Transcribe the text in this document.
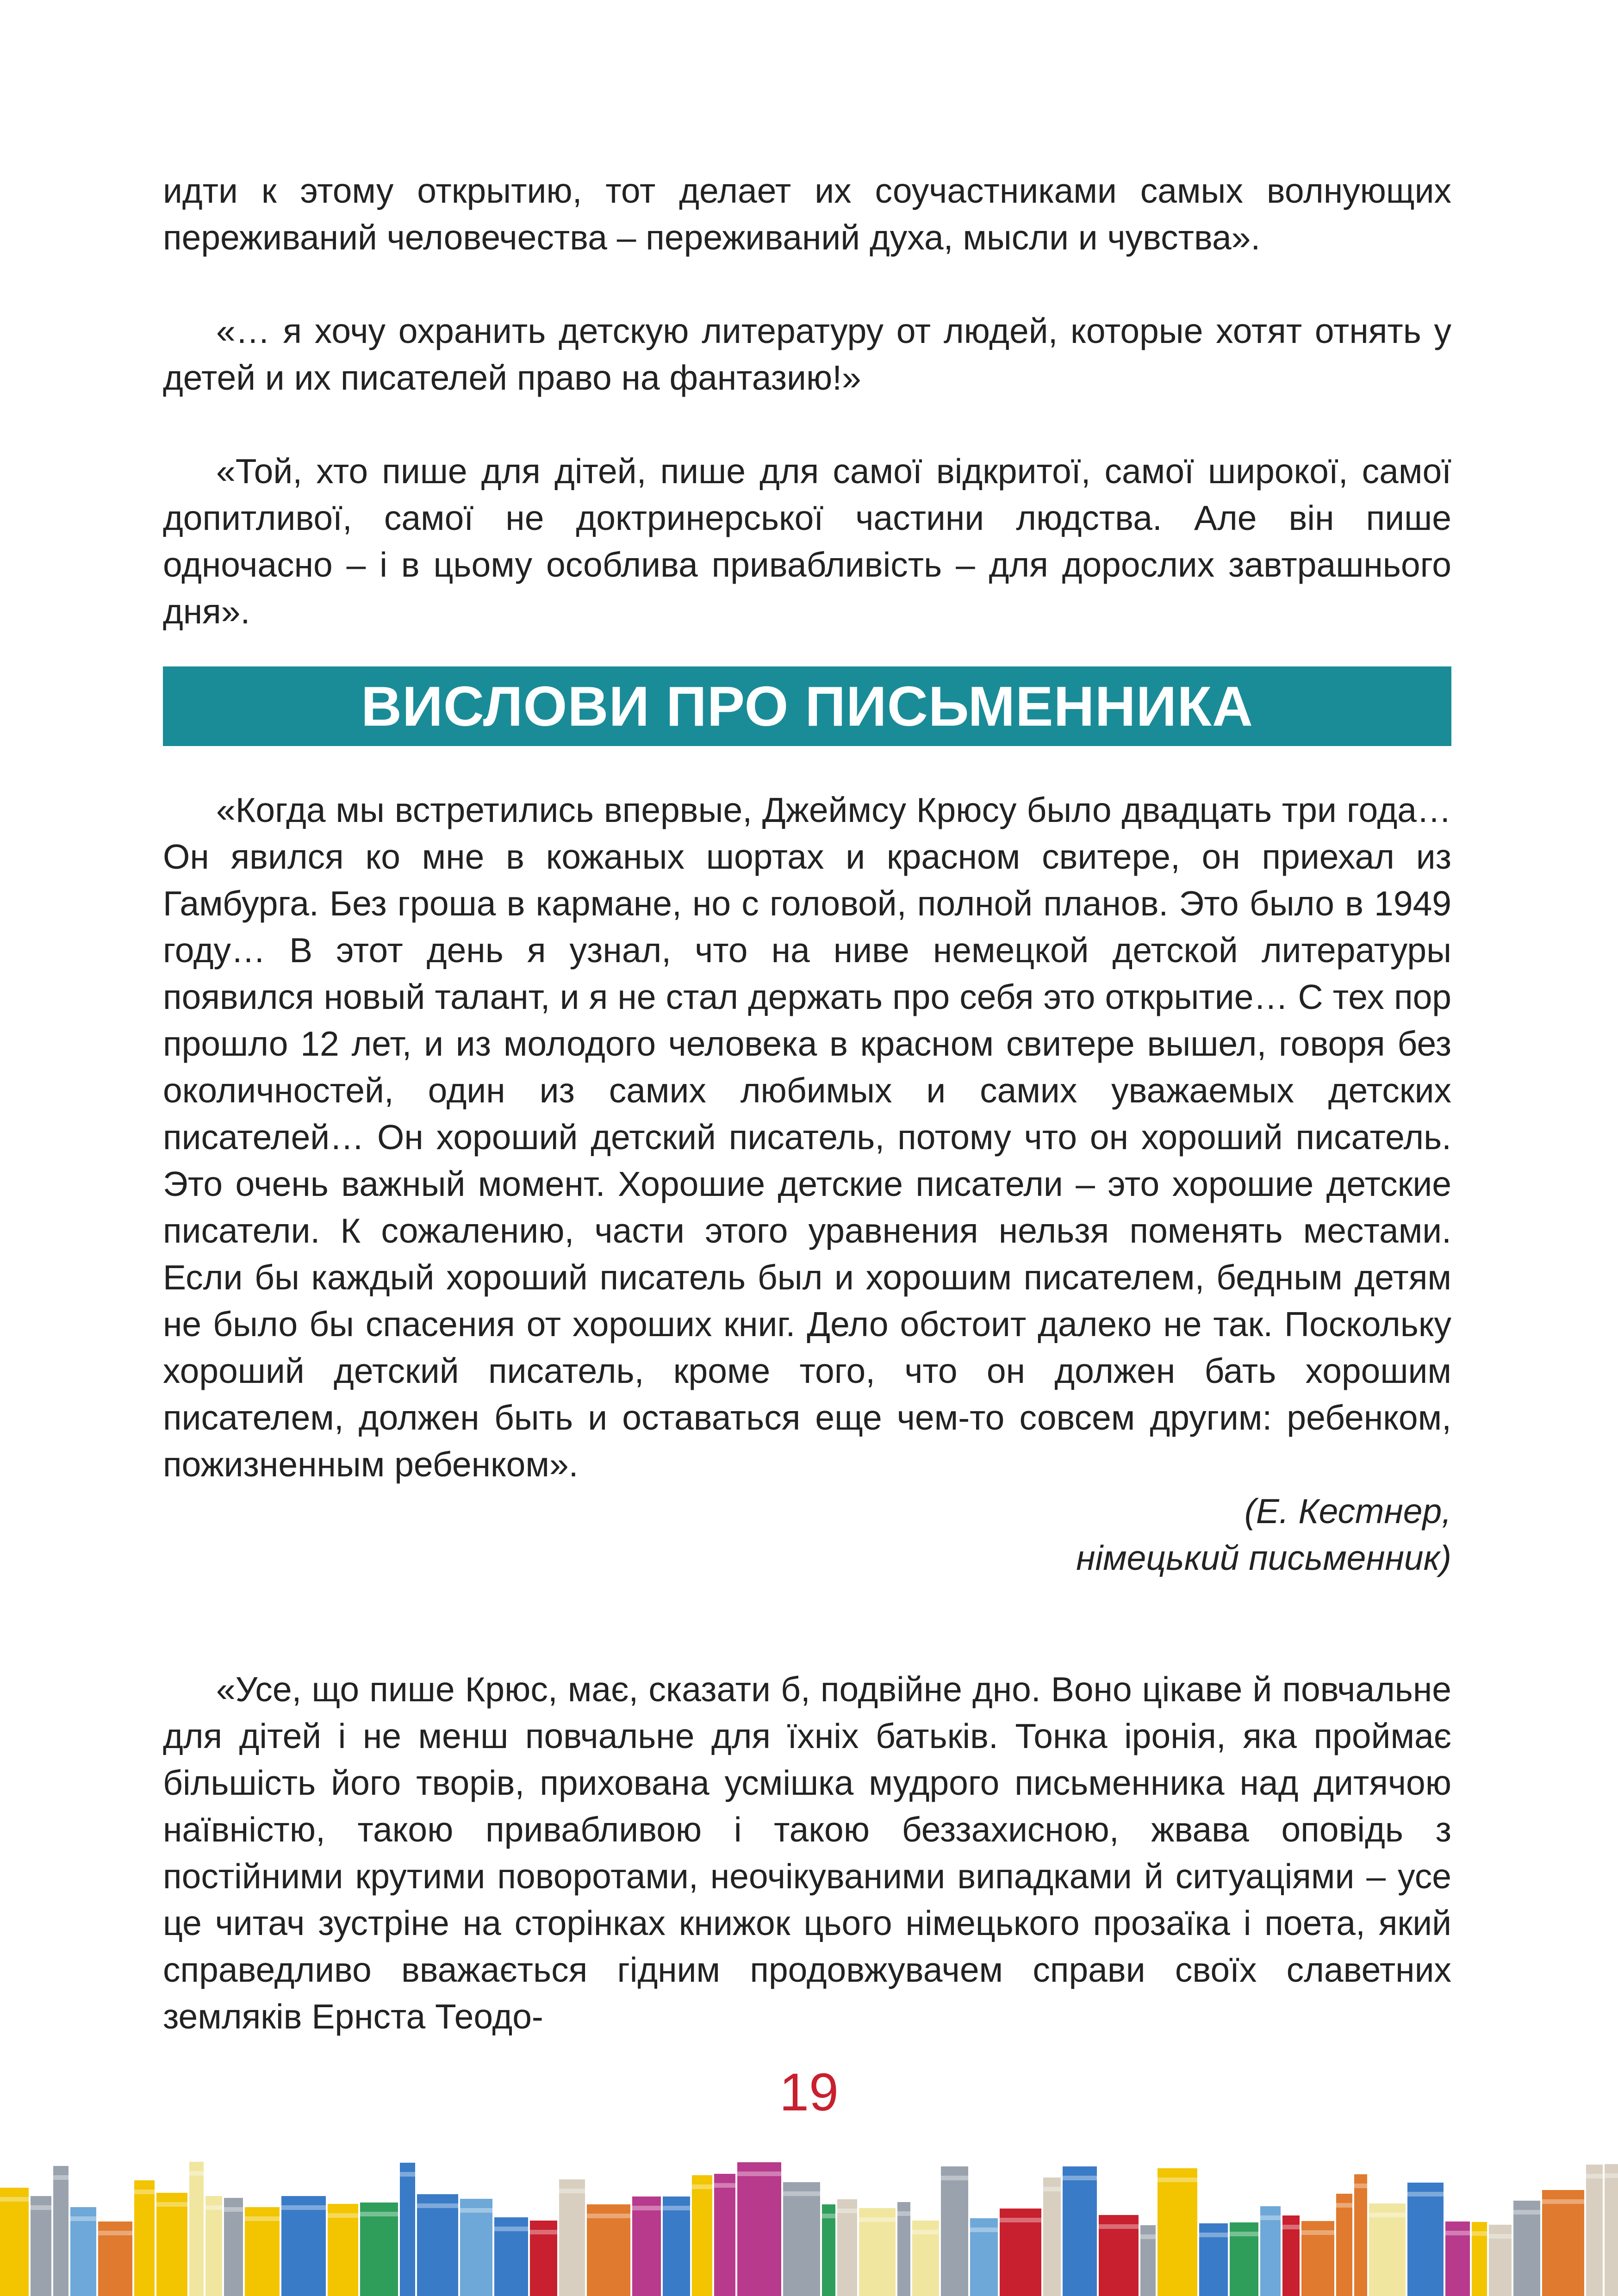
идти к этому открытию, тот делает их соучастниками самых волнующих переживаний человечества – переживаний духа, мысли и чувства».

«… я хочу охранить детскую литературу от людей, которые хотят отнять у детей и их писателей право на фантазию!»

«Той, хто пише для дітей, пише для самої відкритої, самої широкої, самої допитливої, самої не доктринерської частини людства. Але він пише одночасно – і в цьому особлива привабливість – для дорослих завтрашнього дня».

ВИСЛОВИ ПРО ПИСЬМЕННИКА

«Когда мы встретились впервые, Джеймсу Крюсу было двадцать три года… Он явился ко мне в кожаных шортах и красном свитере, он приехал из Гамбурга. Без гроша в кармане, но с головой, полной планов. Это было в 1949 году… В этот день я узнал, что на ниве немецкой детской литературы появился новый талант, и я не стал держать про себя это открытие… С тех пор прошло 12 лет, и из молодого человека в красном свитере вышел, говоря без околичностей, один из самих любимых и самих уважаемых детских писателей… Он хороший детский писатель, потому что он хороший писатель. Это очень важный момент. Хорошие детские писатели – это хорошие детские писатели. К сожалению, части этого уравнения нельзя поменять местами. Если бы каждый хороший писатель был и хорошим писателем, бедным детям не было бы спасения от хороших книг. Дело обстоит далеко не так. Поскольку хороший детский писатель, кроме того, что он должен бать хорошим писателем, должен быть и оставаться еще чем-то совсем другим: ребенком, пожизненным ребенком».

(Е. Кестнер,

німецький письменник)

«Усе, що пише Крюс, має, сказати б, подвійне дно. Воно цікаве й повчальне для дітей і не менш повчальне для їхніх батьків. Тонка іронія, яка проймає більшість його творів, прихована усмішка мудрого письменника над дитячою наївністю, такою привабливою і такою беззахисною, жвава оповідь з постійними крутими поворотами, неочікуваними випадками й ситуаціями – усе це читач зустріне на сторінках книжок цього німецького прозаїка і поета, який справедливо вважається гідним продовжувачем справи своїх славетних земляків Ернста Теодо-

19
